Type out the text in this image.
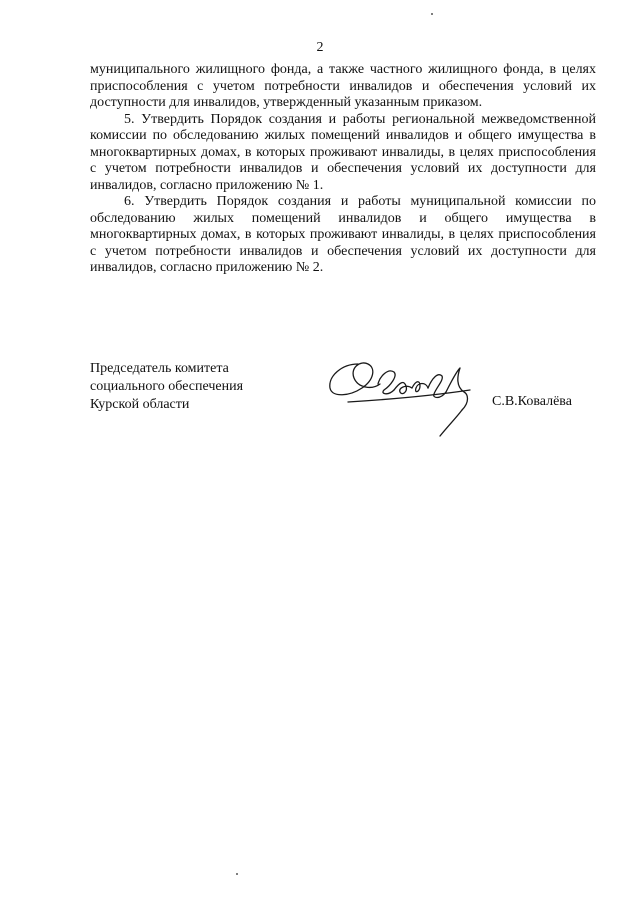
2

муниципального жилищного фонда, а также частного жилищного фонда, в целях приспособления с учетом потребности инвалидов и обеспечения условий их доступности для инвалидов, утвержденный указанным приказом.

5. Утвердить Порядок создания и работы региональной межведомственной комиссии по обследованию жилых помещений инвалидов и общего имущества в многоквартирных домах, в которых проживают инвалиды, в целях приспособления с учетом потребности инвалидов и обеспечения условий их доступности для инвалидов, согласно приложению № 1.

6. Утвердить Порядок создания и работы муниципальной комиссии по обследованию жилых помещений инвалидов и общего имущества в многоквартирных домах, в которых проживают инвалиды, в целях приспособления с учетом потребности инвалидов и обеспечения условий их доступности для инвалидов, согласно приложению № 2.

Председатель комитета
социального обеспечения
Курской области	С.В.Ковалёва
